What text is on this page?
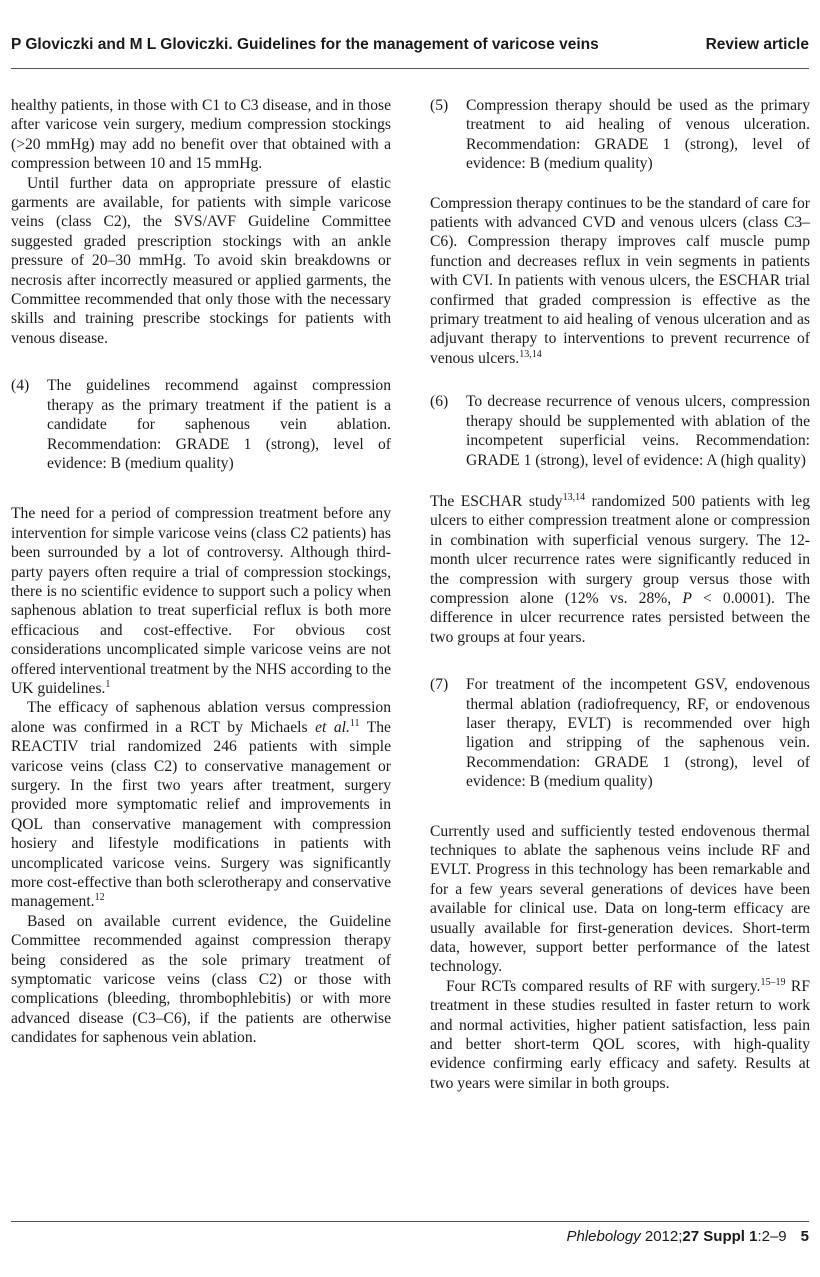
P Gloviczki and M L Gloviczki. Guidelines for the management of varicose veins	Review article

healthy patients, in those with C1 to C3 disease, and in those after varicose vein surgery, medium compression stockings (>20 mmHg) may add no benefit over that obtained with a compression between 10 and 15 mmHg.

Until further data on appropriate pressure of elastic garments are available, for patients with simple varicose veins (class C2), the SVS/AVF Guideline Committee suggested graded prescription stockings with an ankle pressure of 20–30 mmHg. To avoid skin breakdowns or necrosis after incorrectly measured or applied garments, the Committee recommended that only those with the necessary skills and training prescribe stockings for patients with venous disease.

(4) The guidelines recommend against compression therapy as the primary treatment if the patient is a candidate for saphenous vein ablation. Recommendation: GRADE 1 (strong), level of evidence: B (medium quality)

The need for a period of compression treatment before any intervention for simple varicose veins (class C2 patients) has been surrounded by a lot of controversy. Although third-party payers often require a trial of compression stockings, there is no scientific evidence to support such a policy when saphenous ablation to treat superficial reflux is both more efficacious and cost-effective. For obvious cost considerations uncomplicated simple varicose veins are not offered interventional treatment by the NHS according to the UK guidelines.$^1$

The efficacy of saphenous ablation versus compression alone was confirmed in a RCT by Michaels et al.$^{11}$ The REACTIV trial randomized 246 patients with simple varicose veins (class C2) to conservative management or surgery. In the first two years after treatment, surgery provided more symptomatic relief and improvements in QOL than conservative management with compression hosiery and lifestyle modifications in patients with uncomplicated varicose veins. Surgery was significantly more cost-effective than both sclerotherapy and conservative management.$^{12}$

Based on available current evidence, the Guideline Committee recommended against compression therapy being considered as the sole primary treatment of symptomatic varicose veins (class C2) or those with complications (bleeding, thrombophlebitis) or with more advanced disease (C3–C6), if the patients are otherwise candidates for saphenous vein ablation.

(5) Compression therapy should be used as the primary treatment to aid healing of venous ulceration. Recommendation: GRADE 1 (strong), level of evidence: B (medium quality)

Compression therapy continues to be the standard of care for patients with advanced CVD and venous ulcers (class C3–C6). Compression therapy improves calf muscle pump function and decreases reflux in vein segments in patients with CVI. In patients with venous ulcers, the ESCHAR trial confirmed that graded compression is effective as the primary treatment to aid healing of venous ulceration and as adjuvant therapy to interventions to prevent recurrence of venous ulcers.$^{13,14}$

(6) To decrease recurrence of venous ulcers, compression therapy should be supplemented with ablation of the incompetent superficial veins. Recommendation: GRADE 1 (strong), level of evidence: A (high quality)

The ESCHAR study$^{13,14}$ randomized 500 patients with leg ulcers to either compression treatment alone or compression in combination with superficial venous surgery. The 12-month ulcer recurrence rates were significantly reduced in the compression with surgery group versus those with compression alone (12% vs. 28%, P < 0.0001). The difference in ulcer recurrence rates persisted between the two groups at four years.

(7) For treatment of the incompetent GSV, endovenous thermal ablation (radiofrequency, RF, or endovenous laser therapy, EVLT) is recommended over high ligation and stripping of the saphenous vein. Recommendation: GRADE 1 (strong), level of evidence: B (medium quality)

Currently used and sufficiently tested endovenous thermal techniques to ablate the saphenous veins include RF and EVLT. Progress in this technology has been remarkable and for a few years several generations of devices have been available for clinical use. Data on long-term efficacy are usually available for first-generation devices. Short-term data, however, support better performance of the latest technology.

Four RCTs compared results of RF with surgery.$^{15-19}$ RF treatment in these studies resulted in faster return to work and normal activities, higher patient satisfaction, less pain and better short-term QOL scores, with high-quality evidence confirming early efficacy and safety. Results at two years were similar in both groups.

Phlebology 2012;27 Suppl 1:2–9 5
